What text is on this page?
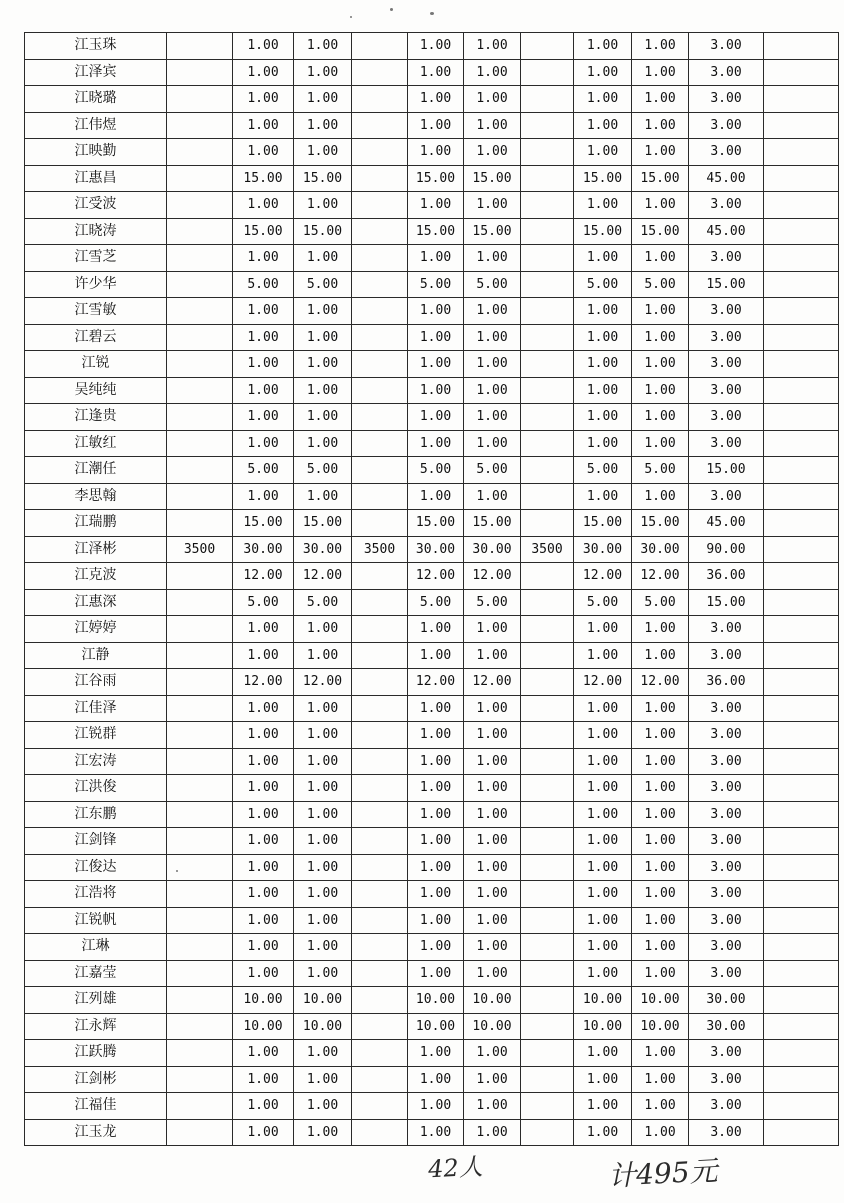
江玉珠		1.00	1.00		1.00	1.00		1.00	1.00	3.00	
江泽宾		1.00	1.00		1.00	1.00		1.00	1.00	3.00	
江晓璐		1.00	1.00		1.00	1.00		1.00	1.00	3.00	
江伟煜		1.00	1.00		1.00	1.00		1.00	1.00	3.00	
江映勤		1.00	1.00		1.00	1.00		1.00	1.00	3.00	
江惠昌		15.00	15.00		15.00	15.00		15.00	15.00	45.00	
江受波		1.00	1.00		1.00	1.00		1.00	1.00	3.00	
江晓涛		15.00	15.00		15.00	15.00		15.00	15.00	45.00	
江雪芝		1.00	1.00		1.00	1.00		1.00	1.00	3.00	
许少华		5.00	5.00		5.00	5.00		5.00	5.00	15.00	
江雪敏		1.00	1.00		1.00	1.00		1.00	1.00	3.00	
江碧云		1.00	1.00		1.00	1.00		1.00	1.00	3.00	
江锐		1.00	1.00		1.00	1.00		1.00	1.00	3.00	
吴纯纯		1.00	1.00		1.00	1.00		1.00	1.00	3.00	
江逢贵		1.00	1.00		1.00	1.00		1.00	1.00	3.00	
江敏红		1.00	1.00		1.00	1.00		1.00	1.00	3.00	
江潮任		5.00	5.00		5.00	5.00		5.00	5.00	15.00	
李思翰		1.00	1.00		1.00	1.00		1.00	1.00	3.00	
江瑞鹏		15.00	15.00		15.00	15.00		15.00	15.00	45.00	
江泽彬	3500	30.00	30.00	3500	30.00	30.00	3500	30.00	30.00	90.00	
江克波		12.00	12.00		12.00	12.00		12.00	12.00	36.00	
江惠深		5.00	5.00		5.00	5.00		5.00	5.00	15.00	
江婷婷		1.00	1.00		1.00	1.00		1.00	1.00	3.00	
江静		1.00	1.00		1.00	1.00		1.00	1.00	3.00	
江谷雨		12.00	12.00		12.00	12.00		12.00	12.00	36.00	
江佳泽		1.00	1.00		1.00	1.00		1.00	1.00	3.00	
江锐群		1.00	1.00		1.00	1.00		1.00	1.00	3.00	
江宏涛		1.00	1.00		1.00	1.00		1.00	1.00	3.00	
江洪俊		1.00	1.00		1.00	1.00		1.00	1.00	3.00	
江东鹏		1.00	1.00		1.00	1.00		1.00	1.00	3.00	
江剑锋		1.00	1.00		1.00	1.00		1.00	1.00	3.00	
江俊达		1.00	1.00		1.00	1.00		1.00	1.00	3.00	
江浩将		1.00	1.00		1.00	1.00		1.00	1.00	3.00	
江锐帆		1.00	1.00		1.00	1.00		1.00	1.00	3.00	
江琳		1.00	1.00		1.00	1.00		1.00	1.00	3.00	
江嘉莹		1.00	1.00		1.00	1.00		1.00	1.00	3.00	
江列雄		10.00	10.00		10.00	10.00		10.00	10.00	30.00	
江永辉		10.00	10.00		10.00	10.00		10.00	10.00	30.00	
江跃腾		1.00	1.00		1.00	1.00		1.00	1.00	3.00	
江剑彬		1.00	1.00		1.00	1.00		1.00	1.00	3.00	
江福佳		1.00	1.00		1.00	1.00		1.00	1.00	3.00	
江玉龙		1.00	1.00		1.00	1.00		1.00	1.00	3.00	
42人	计495元
